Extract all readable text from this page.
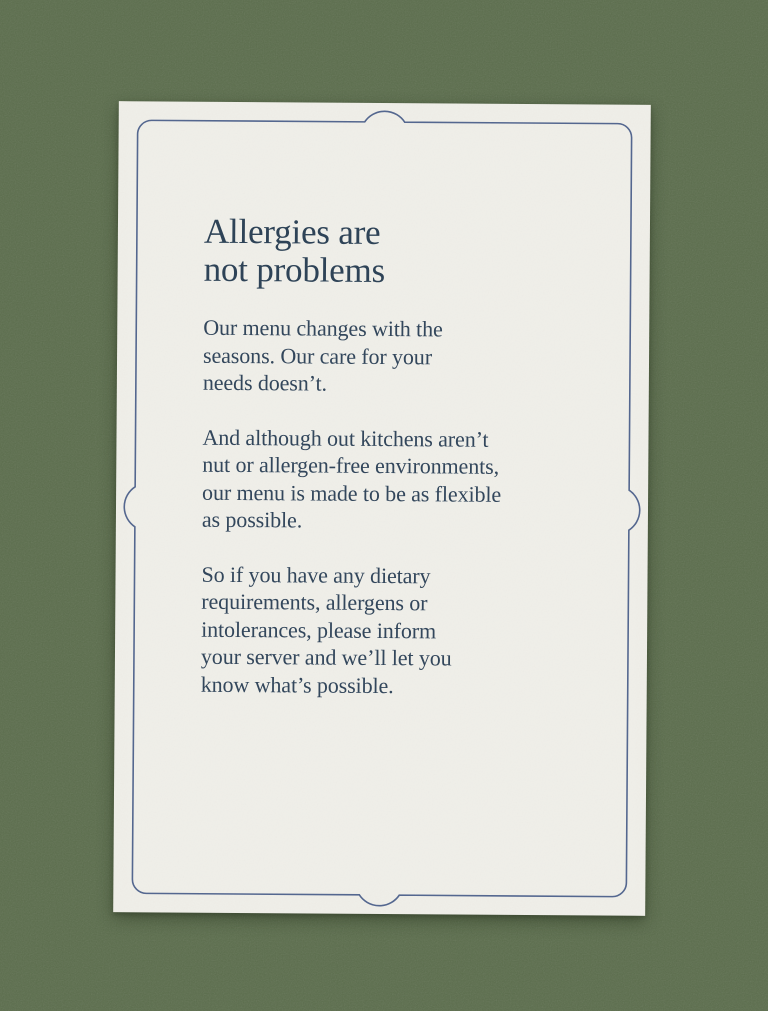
Allergies are
not problems

Our menu changes with the
seasons. Our care for your
needs doesn’t.

And although out kitchens aren’t
nut or allergen-free environments,
our menu is made to be as flexible
as possible.

So if you have any dietary
requirements, allergens or
intolerances, please inform
your server and we’ll let you
know what’s possible.
